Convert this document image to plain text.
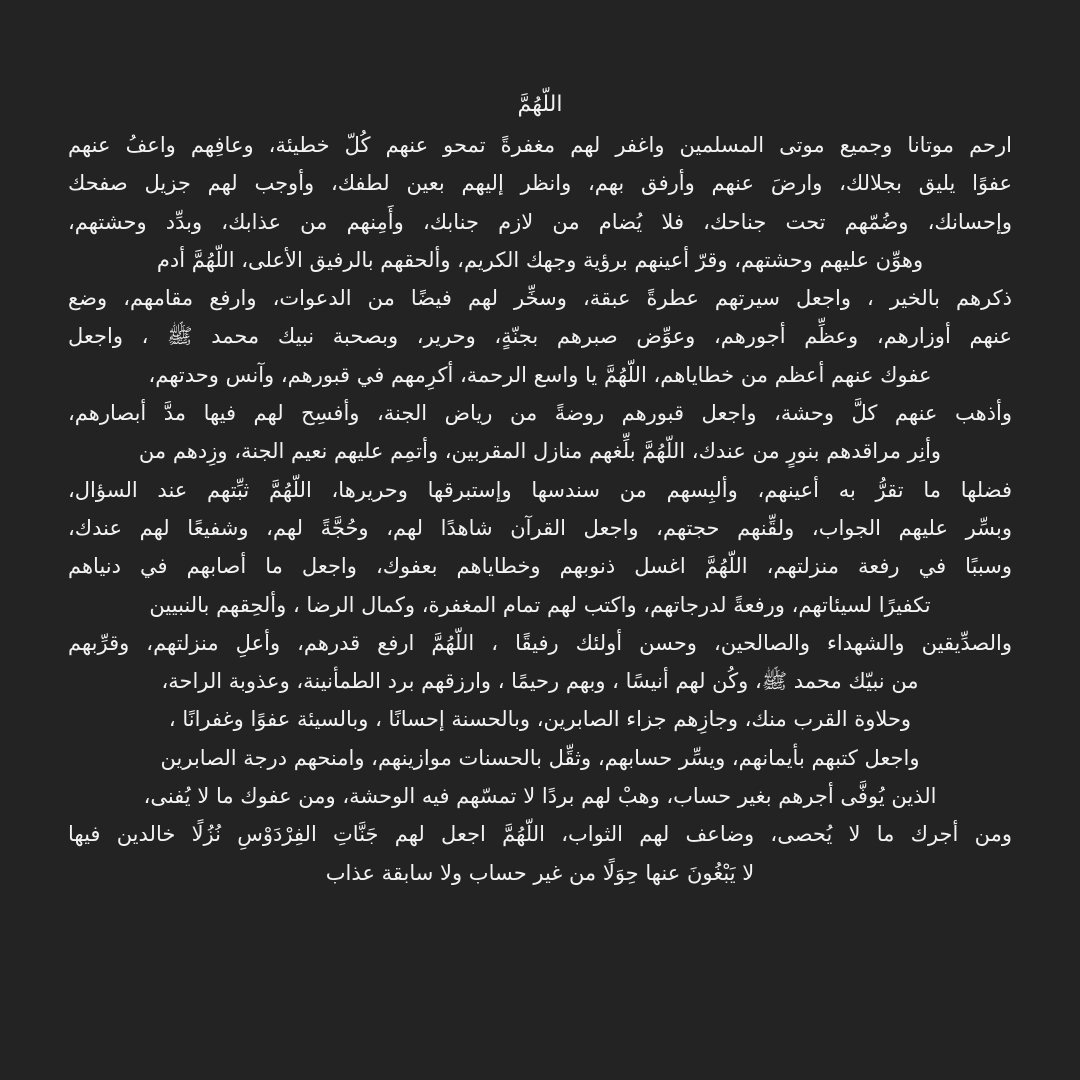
اللّهُمَّ
ارحم موتانا وجميع موتى المسلمين واغفر لهم مغفرةً تمحو عنهم كُلّ خطيئة، وعافِهم واعفُ عنهم
عفوًا يليق بجلالك، وارضَ عنهم وأرفق بهم، وانظر إليهم بعين لطفك، وأوجب لهم جزيل صفحك
وإحسانك، وضُمّهم تحت جناحك، فلا يُضام من لازم جنابك، وأَمِنهم من عذابك، وبدِّد وحشتهم،
وهوِّن عليهم وحشتهم، وقرّ أعينهم برؤية وجهك الكريم، وألحقهم بالرفيق الأعلى، اللّهُمَّ أدم
ذكرهم بالخير ، واجعل سيرتهم عطرةً عبقة، وسخِّر لهم فيضًا من الدعوات، وارفع مقامهم، وضع
عنهم أوزارهم، وعظِّم أجورهم، وعوِّض صبرهم بجنّةٍ، وحرير، وبصحبة نبيك محمد ﷺ ، واجعل
عفوك عنهم أعظم من خطاياهم، اللّهُمَّ يا واسع الرحمة، أكرِمهم في قبورهم، وآنس وحدتهم،
وأذهب عنهم كلَّ وحشة، واجعل قبورهم روضةً من رياض الجنة، وأفسِح لهم فيها مدَّ أبصارهم،
وأنِر مراقدهم بنورٍ من عندك، اللّهُمَّ بلِّغهم منازل المقربين، وأتمِم عليهم نعيم الجنة، وزِدهم من
فضلها ما تقرُّ به أعينهم، وألبِسهم من سندسها وإستبرقها وحريرها، اللّهُمَّ ثبِّتهم عند السؤال،
وبسِّر عليهم الجواب، ولقِّنهم حجتهم، واجعل القرآن شاهدًا لهم، وحُجَّةً لهم، وشفيعًا لهم عندك،
وسببًا في رفعة منزلتهم، اللّهُمَّ اغسل ذنوبهم وخطاياهم بعفوك، واجعل ما أصابهم في دنياهم
تكفيرًا لسيئاتهم، ورفعةً لدرجاتهم، واكتب لهم تمام المغفرة، وكمال الرضا ، وألحِقهم بالنبيين
والصدِّيقين والشهداء والصالحين، وحسن أولئك رفيقًا ، اللّهُمَّ ارفع قدرهم، وأعلِ منزلتهم، وقرِّبهم
من نبيّك محمد ﷺ، وكُن لهم أنيسًا ، وبهم رحيمًا ، وارزقهم برد الطمأنينة، وعذوبة الراحة،
وحلاوة القرب منك، وجازِهم جزاء الصابرين، وبالحسنة إحسانًا ، وبالسيئة عفوًا وغفرانًا ،
واجعل كتبهم بأيمانهم، ويسِّر حسابهم، وثقِّل بالحسنات موازينهم، وامنحهم درجة الصابرين
الذين يُوفَّى أجرهم بغير حساب، وهبْ لهم بردًا لا تمسّهم فيه الوحشة، ومن عفوك ما لا يُفنى،
ومن أجرك ما لا يُحصى، وضاعف لهم الثواب، اللّهُمَّ اجعل لهم جَنَّاتِ الفِرْدَوْسِ نُزُلًا خالدين فيها
لا يَبْغُونَ عنها حِوَلًا من غير حساب ولا سابقة عذاب
